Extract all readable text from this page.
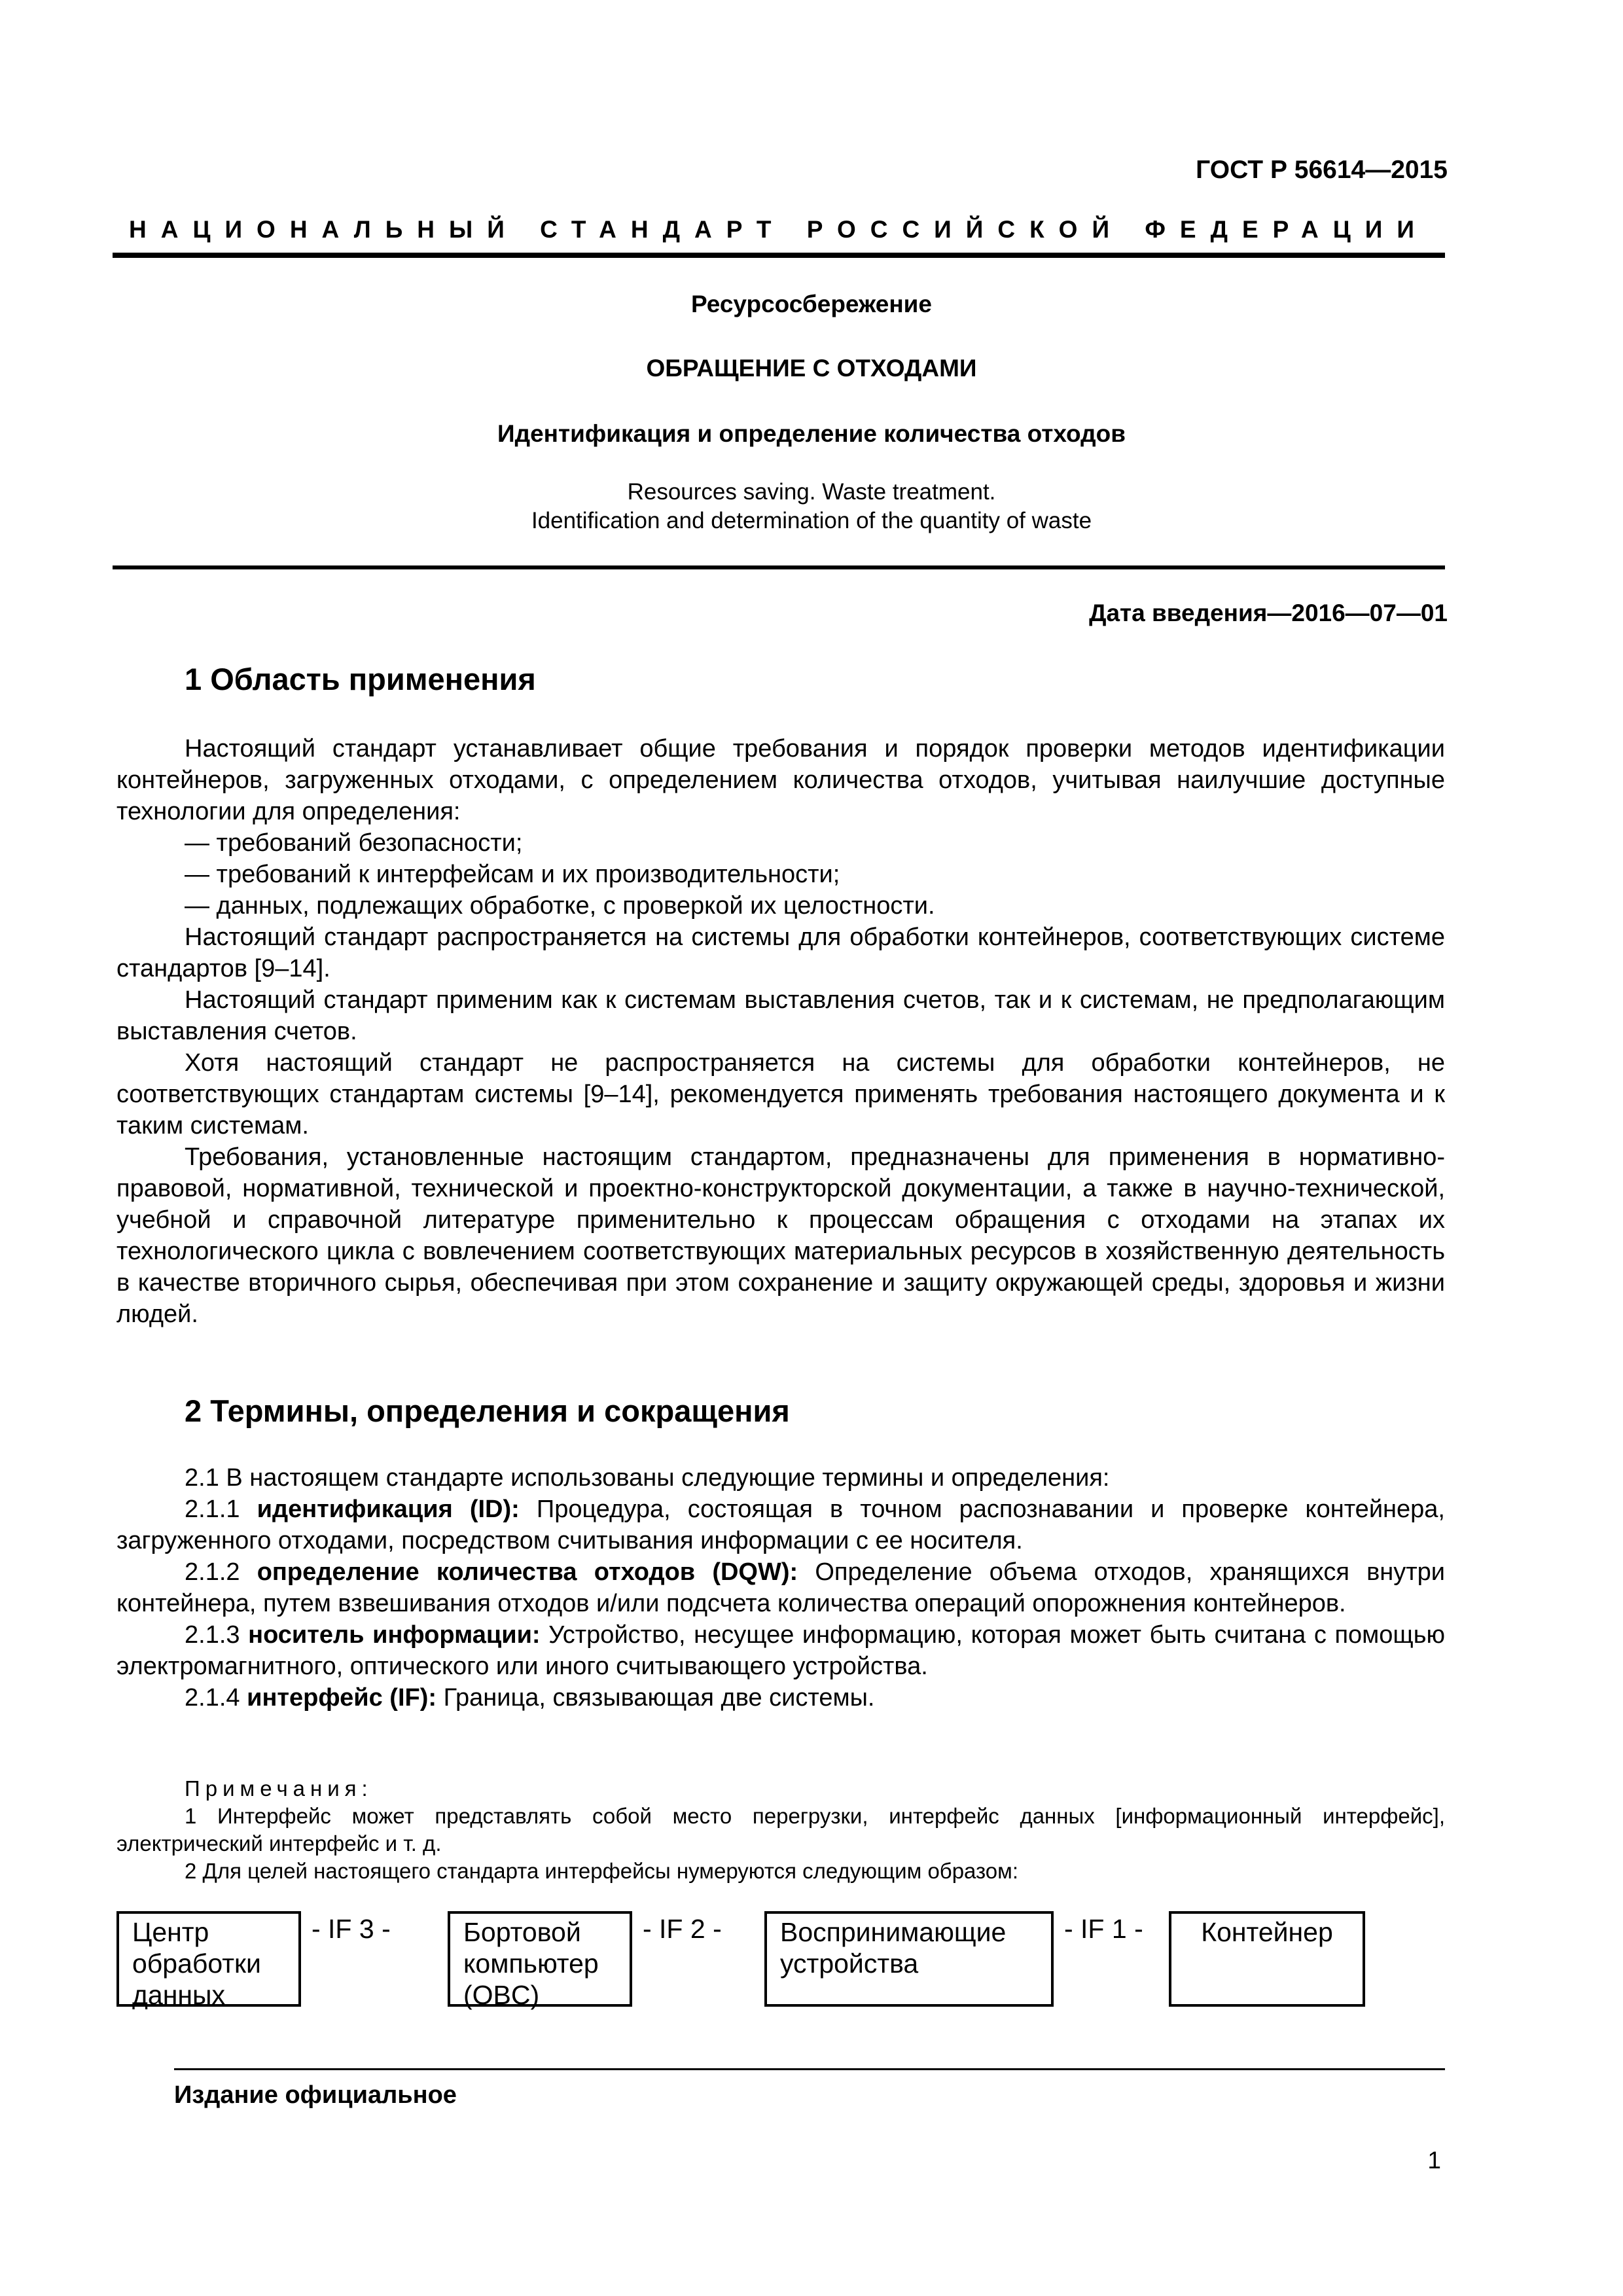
ГОСТ Р 56614—2015
НАЦИОНАЛЬНЫЙ СТАНДАРТ РОССИЙСКОЙ ФЕДЕРАЦИИ
Ресурсосбережение
ОБРАЩЕНИЕ С ОТХОДАМИ
Идентификация и определение количества отходов
Resources saving. Waste treatment.
Identification and determination of the quantity of waste
Дата введения—2016—07—01
1 Область применения

Настоящий стандарт устанавливает общие требования и порядок проверки методов идентификации контейнеров, загруженных отходами, с определением количества отходов, учитывая наилучшие доступные технологии для определения:

— требований безопасности;

— требований к интерфейсам и их производительности;

— данных, подлежащих обработке, с проверкой их целостности.

Настоящий стандарт распространяется на системы для обработки контейнеров, соответствующих системе стандартов [9–14].

Настоящий стандарт применим как к системам выставления счетов, так и к системам, не предполагающим выставления счетов.

Хотя настоящий стандарт не распространяется на системы для обработки контейнеров, не соответствующих стандартам системы [9–14], рекомендуется применять требования настоящего документа и к таким системам.

Требования, установленные настоящим стандартом, предназначены для применения в нормативно-правовой, нормативной, технической и проектно-конструкторской документации, а также в научно-технической, учебной и справочной литературе применительно к процессам обращения с отходами на этапах их технологического цикла с вовлечением соответствующих материальных ресурсов в хозяйственную деятельность в качестве вторичного сырья, обеспечивая при этом сохранение и защиту окружающей среды, здоровья и жизни людей.

2 Термины, определения и сокращения

2.1 В настоящем стандарте использованы следующие термины и определения:

2.1.1 идентификация (ID): Процедура, состоящая в точном распознавании и проверке контейнера, загруженного отходами, посредством считывания информации с ее носителя.

2.1.2 определение количества отходов (DQW): Определение объема отходов, хранящихся внутри контейнера, путем взвешивания отходов и/или подсчета количества операций опорожнения контейнеров.

2.1.3 носитель информации: Устройство, несущее информацию, которая может быть считана с помощью электромагнитного, оптического или иного считывающего устройства.

2.1.4 интерфейс (IF): Граница, связывающая две системы.

Примечания:

1 Интерфейс может представлять собой место перегрузки, интерфейс данных [информационный интерфейс], электрический интерфейс и т. д.

2 Для целей настоящего стандарта интерфейсы нумеруются следующим образом:

Центр обработки данных
- IF 3 -	Бортовой компьютер (OBC)
- IF 2 -	Воспринимающие устройства
- IF 1 -	Контейнер
Издание официальное
1
